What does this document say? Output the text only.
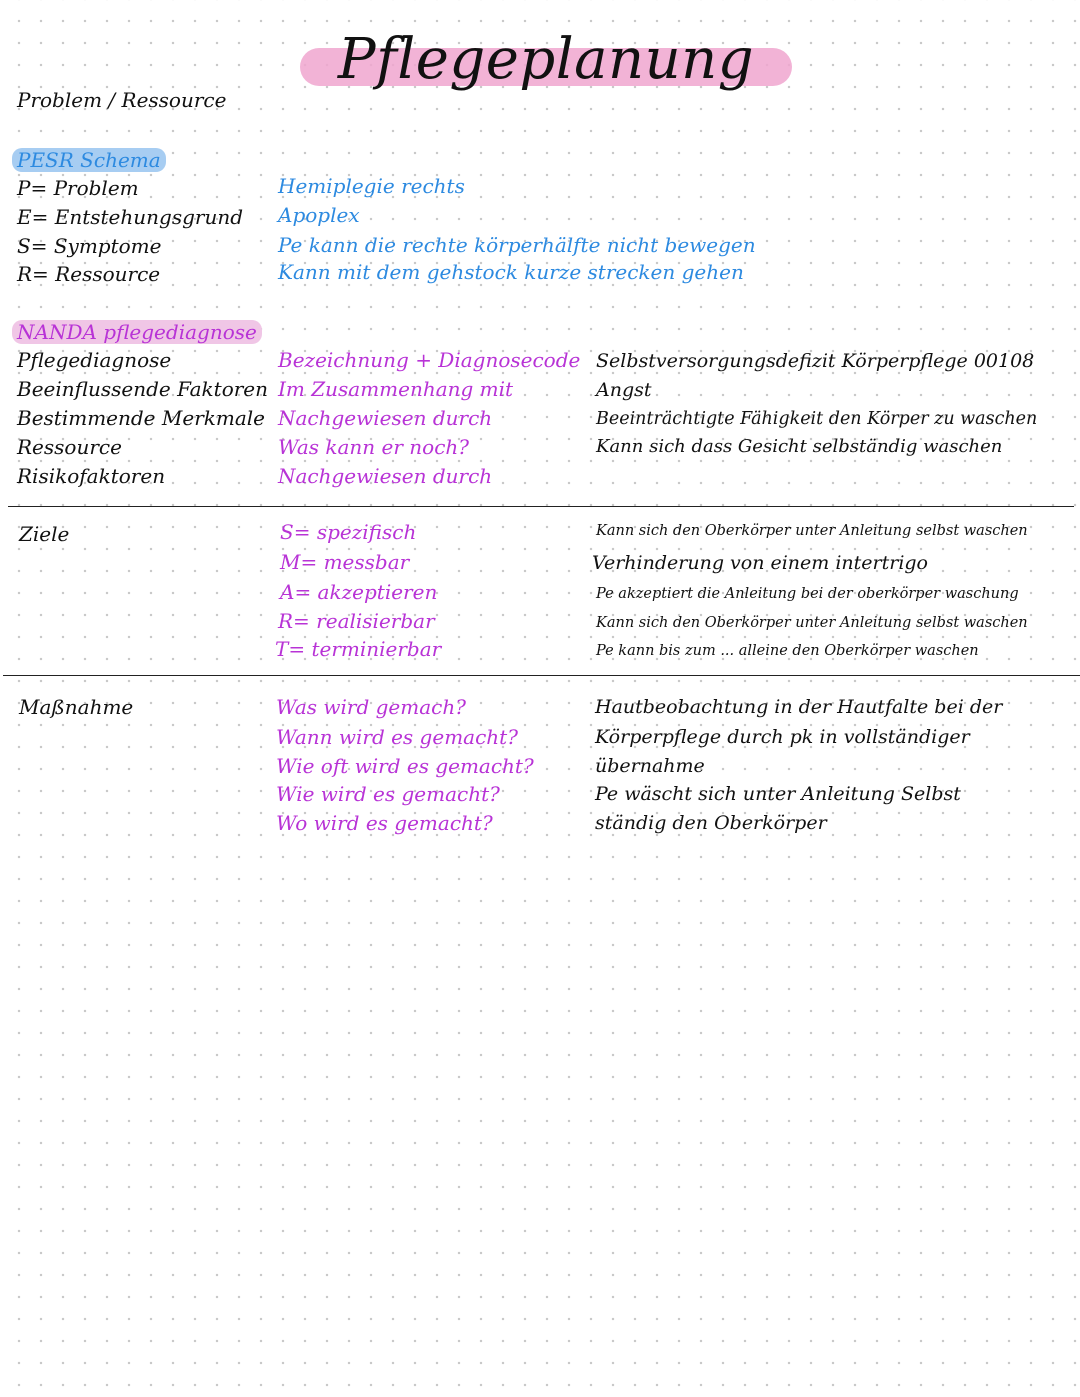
Pflegeplanung
Problem / Ressource
PESR Schema
P= Problem
E= Entstehungsgrund
S= Symptome
R= Ressource
Hemiplegie rechts
Apoplex
Pe kann die rechte körperhälfte nicht bewegen
Kann mit dem gehstock kurze strecken gehen
NANDA pflegediagnose
Pflegediagnose
Beeinflussende Faktoren
Bestimmende Merkmale
Ressource
Risikofaktoren
Bezeichnung + Diagnosecode
Im Zusammenhang mit
Nachgewiesen durch
Was kann er noch?
Nachgewiesen durch
Selbstversorgungsdefizit Körperpflege 00108
Angst
Beeinträchtigte Fähigkeit den Körper zu waschen
Kann sich dass Gesicht selbständig waschen
Ziele	S= spezifisch
M= messbar
A= akzeptieren
R= realisierbar
T= terminierbar
Kann sich den Oberkörper unter Anleitung selbst waschen
Verhinderung von einem intertrigo
Pe akzeptiert die Anleitung bei der oberkörper waschung
Kann sich den Oberkörper unter Anleitung selbst waschen
Pe kann bis zum ... alleine den Oberkörper waschen
Maßnahme	Was wird gemach?
Wann wird es gemacht?
Wie oft wird es gemacht?
Wie wird es gemacht?
Wo wird es gemacht?
Hautbeobachtung in der Hautfalte bei der
Körperpflege durch pk in vollständiger
übernahme
Pe wäscht sich unter Anleitung Selbst
ständig den Oberkörper
